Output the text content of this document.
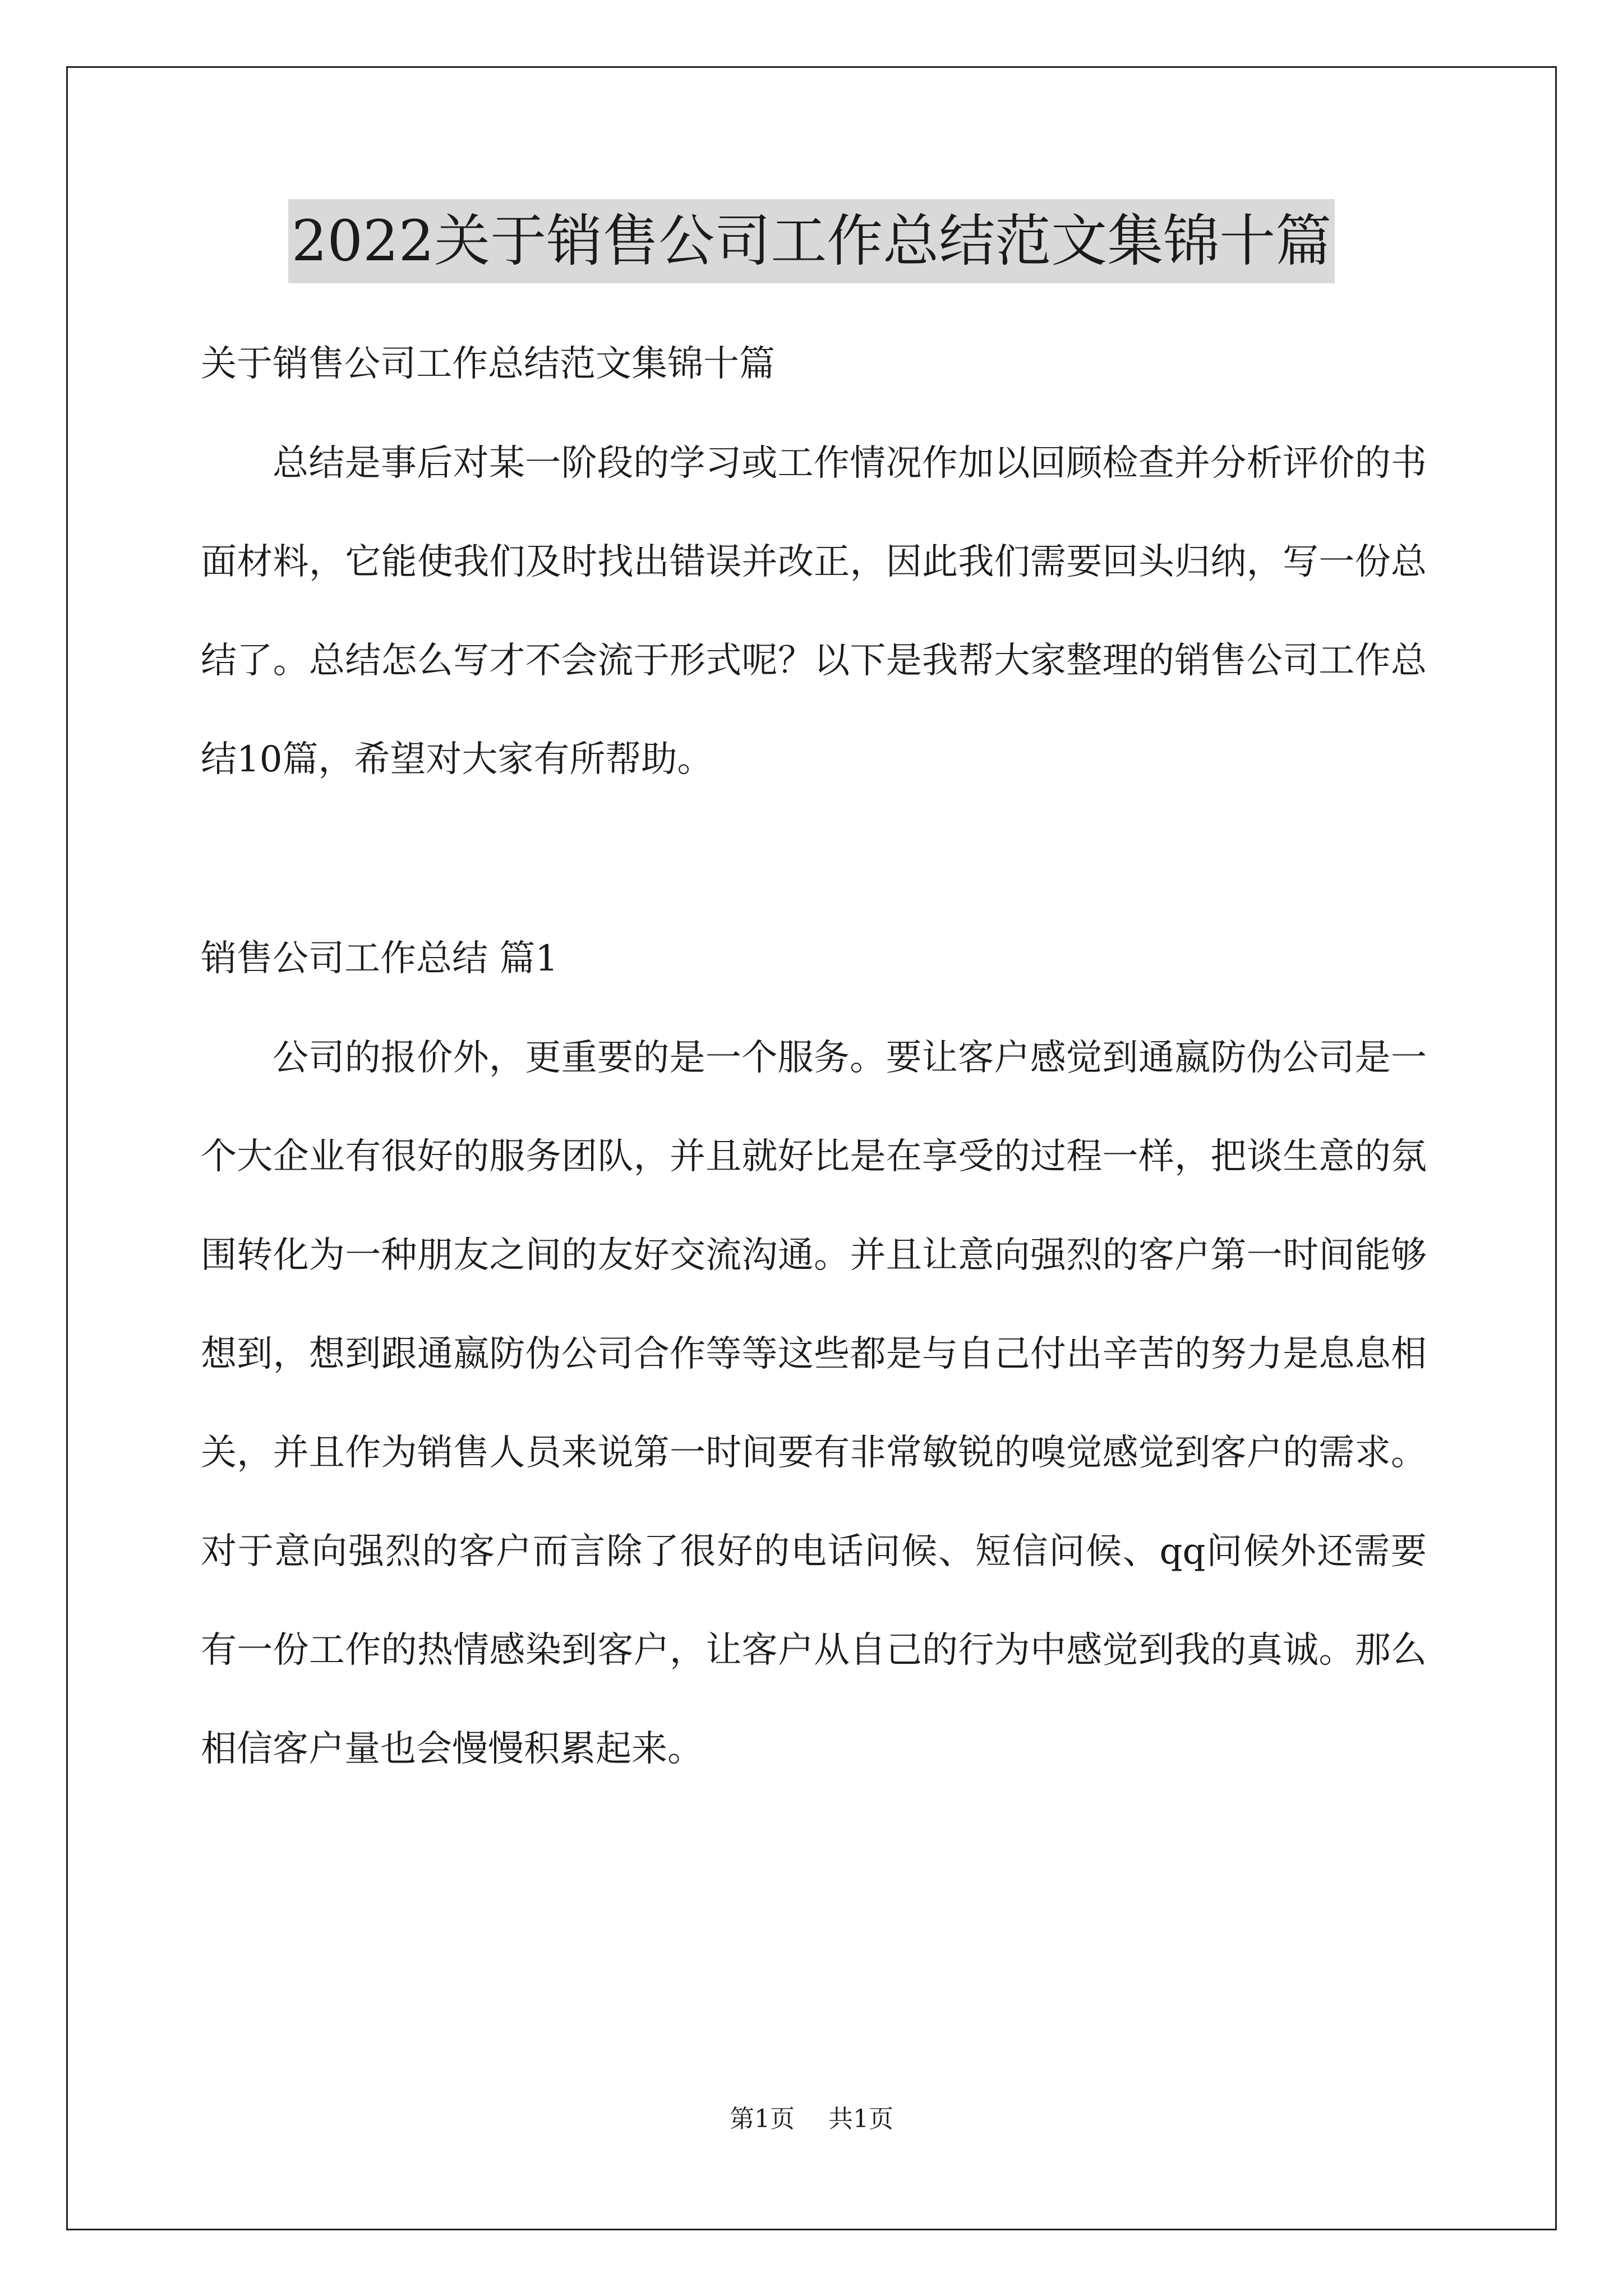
2022关于销售公司工作总结范文集锦十篇

关于销售公司工作总结范文集锦十篇

总结是事后对某一阶段的学习或工作情况作加以回顾检查并分析评价的书面材料，它能使我们及时找出错误并改正，因此我们需要回头归纳，写一份总结了。总结怎么写才不会流于形式呢？以下是我帮大家整理的销售公司工作总结10篇，希望对大家有所帮助。

销售公司工作总结 篇1

公司的报价外，更重要的是一个服务。要让客户感觉到通嬴防伪公司是一个大企业有很好的服务团队，并且就好比是在享受的过程一样，把谈生意的氛围转化为一种朋友之间的友好交流沟通。并且让意向强烈的客户第一时间能够想到，想到跟通嬴防伪公司合作等等这些都是与自己付出辛苦的努力是息息相关，并且作为销售人员来说第一时间要有非常敏锐的嗅觉感觉到客户的需求。对于意向强烈的客户而言除了很好的电话问候、短信问候、qq问候外还需要有一份工作的热情感染到客户，让客户从自己的行为中感觉到我的真诚。那么相信客户量也会慢慢积累起来。

第1页 共1页
